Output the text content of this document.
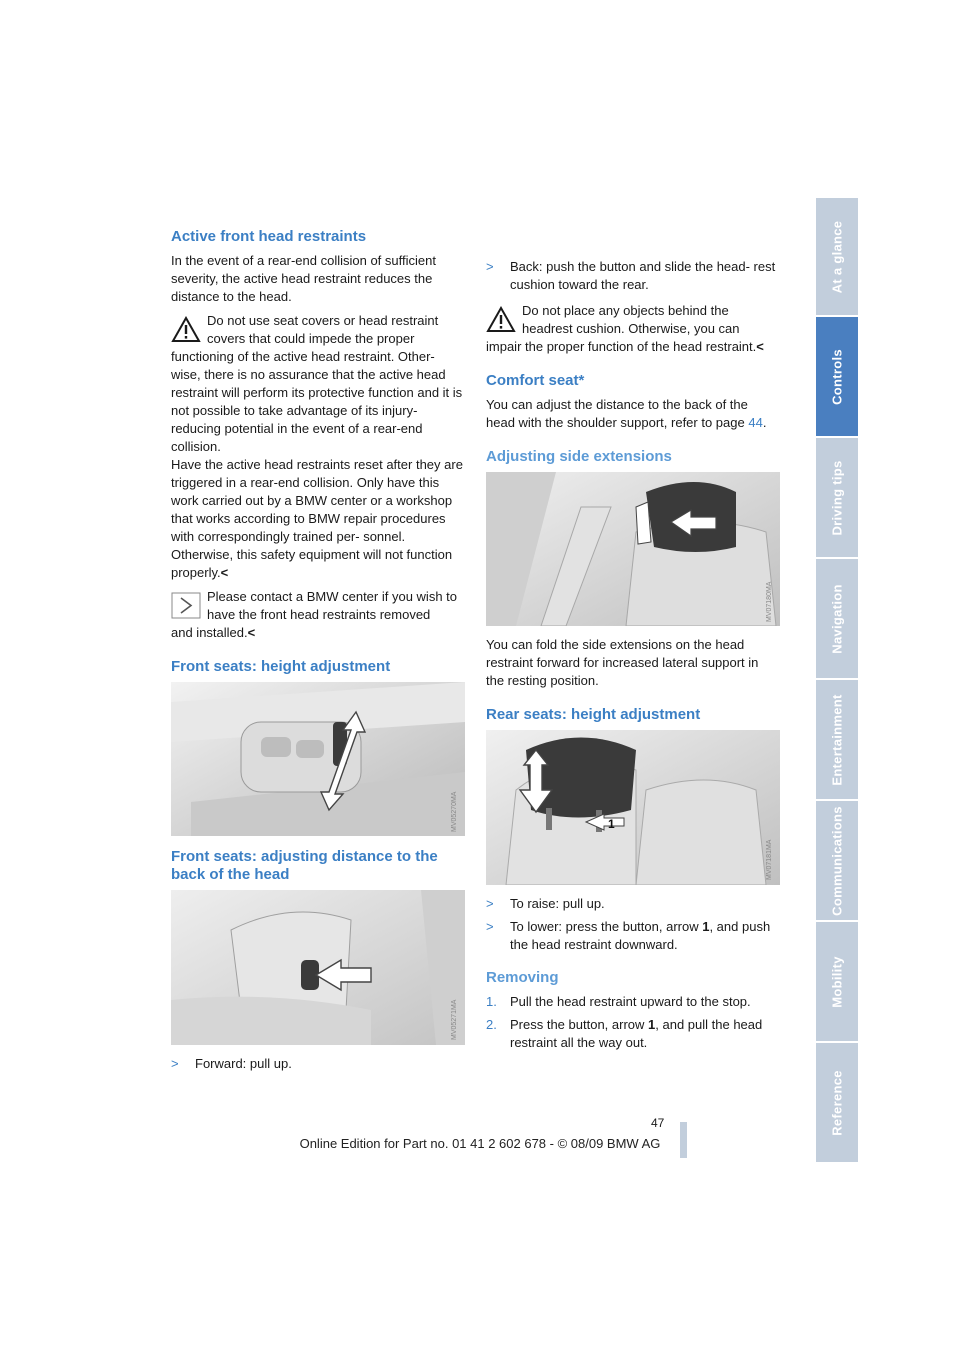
Active front head restraints

In the event of a rear-end collision of sufficient severity, the active head restraint reduces the distance to the head.

Do not use seat covers or head restraint covers that could impede the proper
functioning of the active head restraint. Other- wise, there is no assurance that the active head restraint will perform its protective function and it is not possible to take advantage of its injury- reducing potential in the event of a rear-end collision.
Have the active head restraints reset after they are triggered in a rear-end collision. Only have this work carried out by a BMW center or a workshop that works according to BMW repair procedures with correspondingly trained per- sonnel. Otherwise, this safety equipment will not function properly.<
Please contact a BMW center if you wish to have the front head restraints removed
and installed.<
Front seats: height adjustment
MV05270MA
Front seats: adjusting distance to the back of the head
MV05271MA
> Forward: pull up.
> Back: push the button and slide the head- rest cushion toward the rear.
Do not place any objects behind the headrest cushion. Otherwise, you can
impair the proper function of the head restraint.<
Comfort seat*

You can adjust the distance to the back of the head with the shoulder support, refer to page 44.

Adjusting side extensions
MV07180MA

You can fold the side extensions on the head restraint forward for increased lateral support in the resting position.

Rear seats: height adjustment
1
MV07181MA
> To raise: pull up.
> To lower: press the button, arrow 1, and push the head restraint downward.
Removing
1. Pull the head restraint upward to the stop.
2. Press the button, arrow 1, and pull the head restraint all the way out.
At a glance
Controls
Driving tips
Navigation
Entertainment
Communications
Mobility
Reference
47
Online Edition for Part no. 01 41 2 602 678 - © 08/09 BMW AG
